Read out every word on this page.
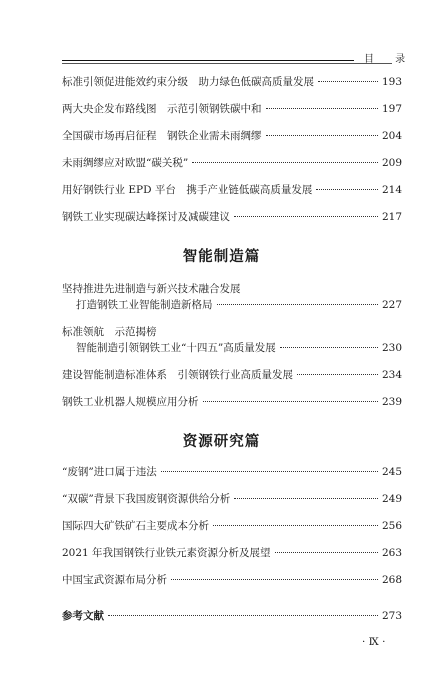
目 录
标准引领促进能效约束分级　助力绿色低碳高质量发展	193
两大央企发布路线图　示范引领钢铁碳中和	197
全国碳市场再启征程　钢铁企业需未雨绸缪	204
未雨绸缪应对欧盟“碳关税”	209
用好钢铁行业 EPD 平台　携手产业链低碳高质量发展	214
钢铁工业实现碳达峰探讨及减碳建议	217
智能制造篇
坚持推进先进制造与新兴技术融合发展
打造钢铁工业智能制造新格局	227
标准领航　示范揭榜
智能制造引领钢铁工业“十四五”高质量发展	230
建设智能制造标准体系　引领钢铁行业高质量发展	234
钢铁工业机器人规模应用分析	239
资源研究篇
“废钢”进口属于违法	245
“双碳”背景下我国废钢资源供给分析	249
国际四大矿铁矿石主要成本分析	256
2021 年我国钢铁行业铁元素资源分析及展望	263
中国宝武资源布局分析	268
参考文献	273
· Ⅸ ·
